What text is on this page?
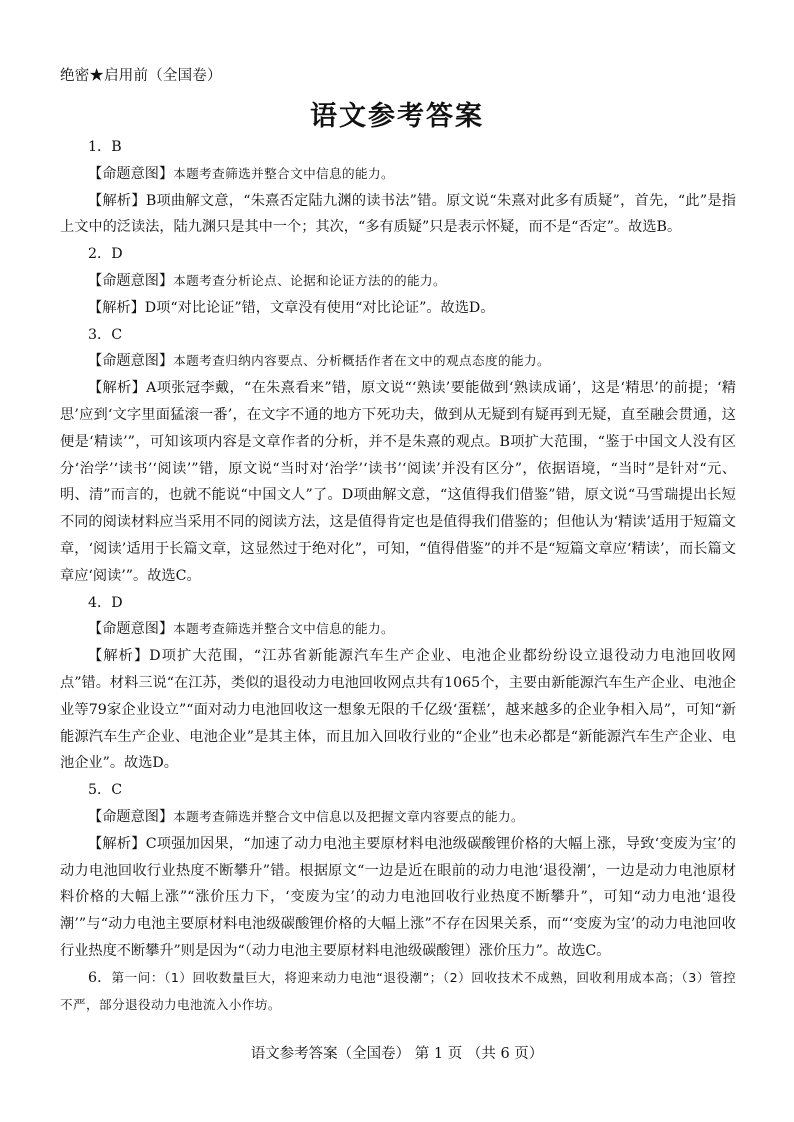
绝密★启用前（全国卷）
语文参考答案

1．B

【命题意图】本题考查筛选并整合文中信息的能力。

【解析】B项曲解文意，“朱熹否定陆九渊的读书法”错。原文说“朱熹对此多有质疑”，首先，“此”是指上文中的泛读法，陆九渊只是其中一个；其次，“多有质疑”只是表示怀疑，而不是“否定”。故选B。

2．D

【命题意图】本题考查分析论点、论据和论证方法的的能力。

【解析】D项“对比论证”错，文章没有使用“对比论证”。故选D。

3．C

【命题意图】本题考查归纳内容要点、分析概括作者在文中的观点态度的能力。

【解析】A项张冠李戴，“在朱熹看来”错，原文说“‘熟读’要能做到‘熟读成诵’，这是‘精思’的前提；‘精思’应到‘文字里面猛滚一番’，在文字不通的地方下死功夫，做到从无疑到有疑再到无疑，直至融会贯通，这便是‘精读’”，可知该项内容是文章作者的分析，并不是朱熹的观点。B项扩大范围，“鉴于中国文人没有区分‘治学’‘读书’‘阅读’”错，原文说“当时对‘治学’‘读书’‘阅读’并没有区分”，依据语境，“当时”是针对“元、明、清”而言的，也就不能说“中国文人”了。D项曲解文意，“这值得我们借鉴”错，原文说“马雪瑞提出长短不同的阅读材料应当采用不同的阅读方法，这是值得肯定也是值得我们借鉴的；但他认为‘精读’适用于短篇文章，‘阅读’适用于长篇文章，这显然过于绝对化”，可知，“值得借鉴”的并不是“短篇文章应‘精读’，而长篇文章应‘阅读’”。故选C。

4．D

【命题意图】本题考查筛选并整合文中信息的能力。

【解析】D项扩大范围，“江苏省新能源汽车生产企业、电池企业都纷纷设立退役动力电池回收网点”错。材料三说“在江苏，类似的退役动力电池回收网点共有1065个，主要由新能源汽车生产企业、电池企业等79家企业设立”“面对动力电池回收这一想象无限的千亿级‘蛋糕’，越来越多的企业争相入局”，可知“新能源汽车生产企业、电池企业”是其主体，而且加入回收行业的“企业”也未必都是“新能源汽车生产企业、电池企业”。故选D。

5．C

【命题意图】本题考查筛选并整合文中信息以及把握文章内容要点的能力。

【解析】C项强加因果，“加速了动力电池主要原材料电池级碳酸锂价格的大幅上涨，导致‘变废为宝’的动力电池回收行业热度不断攀升”错。根据原文“一边是近在眼前的动力电池‘退役潮’，一边是动力电池原材料价格的大幅上涨”“涨价压力下，‘变废为宝’的动力电池回收行业热度不断攀升”，可知“动力电池‘退役潮’”与“动力电池主要原材料电池级碳酸锂价格的大幅上涨”不存在因果关系，而“‘变废为宝’的动力电池回收行业热度不断攀升”则是因为“（动力电池主要原材料电池级碳酸锂）涨价压力”。故选C。

6．第一问：（1）回收数量巨大，将迎来动力电池“退役潮”；（2）回收技术不成熟，回收利用成本高；（3）管控不严，部分退役动力电池流入小作坊。

语文参考答案（全国卷） 第 1 页 （共 6 页）
